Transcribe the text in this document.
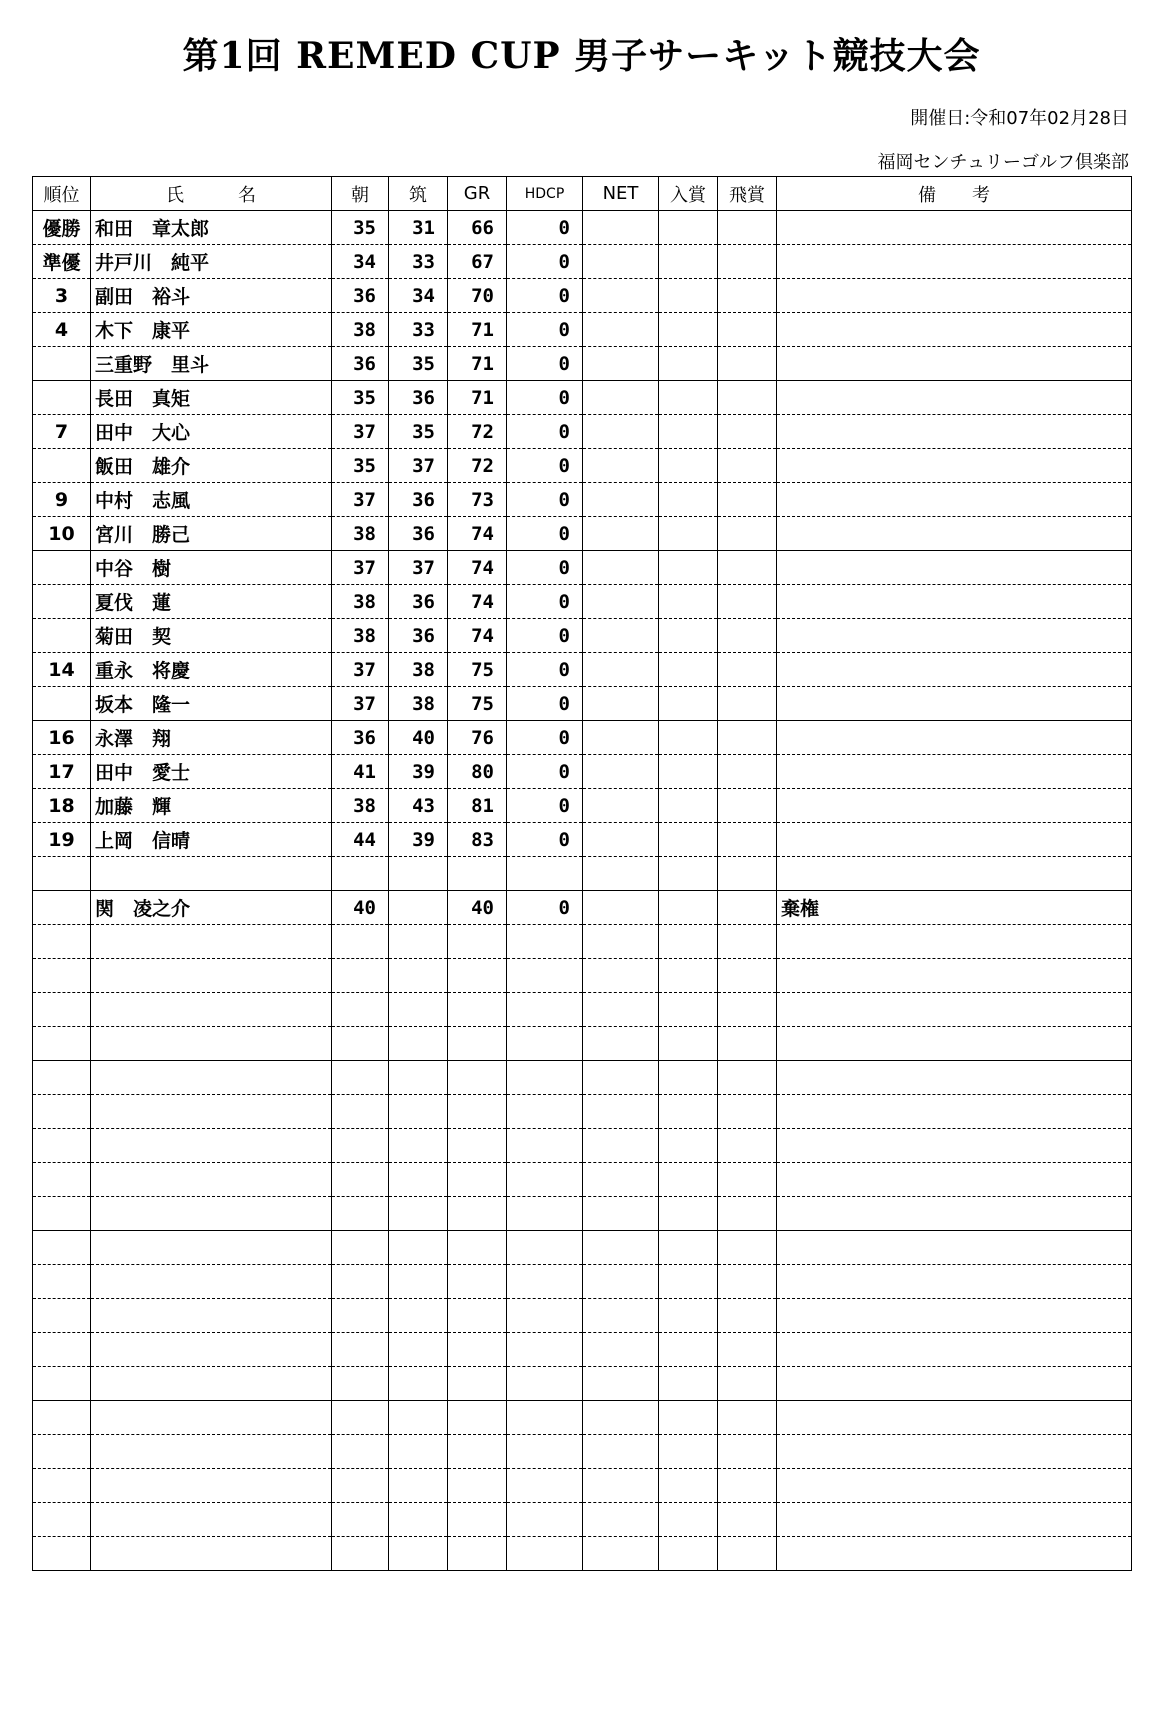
第1回 REMED CUP 男子サーキット競技大会
開催日:令和07年02月28日
福岡センチュリーゴルフ倶楽部
順位	氏　　　名	朝	筑	GR	HDCP	NET	入賞	飛賞	備　　考
優勝	和田　章太郎	35	31	66	0				
準優	井戸川　純平	34	33	67	0				
3	副田　裕斗	36	34	70	0				
4	木下　康平	38	33	71	0				
	三重野　里斗	36	35	71	0				
	長田　真矩	35	36	71	0				
7	田中　大心	37	35	72	0				
	飯田　雄介	35	37	72	0				
9	中村　志風	37	36	73	0				
10	宮川　勝己	38	36	74	0				
	中谷　樹	37	37	74	0				
	夏伐　蓮	38	36	74	0				
	菊田　契	38	36	74	0				
14	重永　将慶	37	38	75	0				
	坂本　隆一	37	38	75	0				
16	永澤　翔	36	40	76	0				
17	田中　愛士	41	39	80	0				
18	加藤　輝	38	43	81	0				
19	上岡　信晴	44	39	83	0				

	関　凌之介	40		40	0				棄権
